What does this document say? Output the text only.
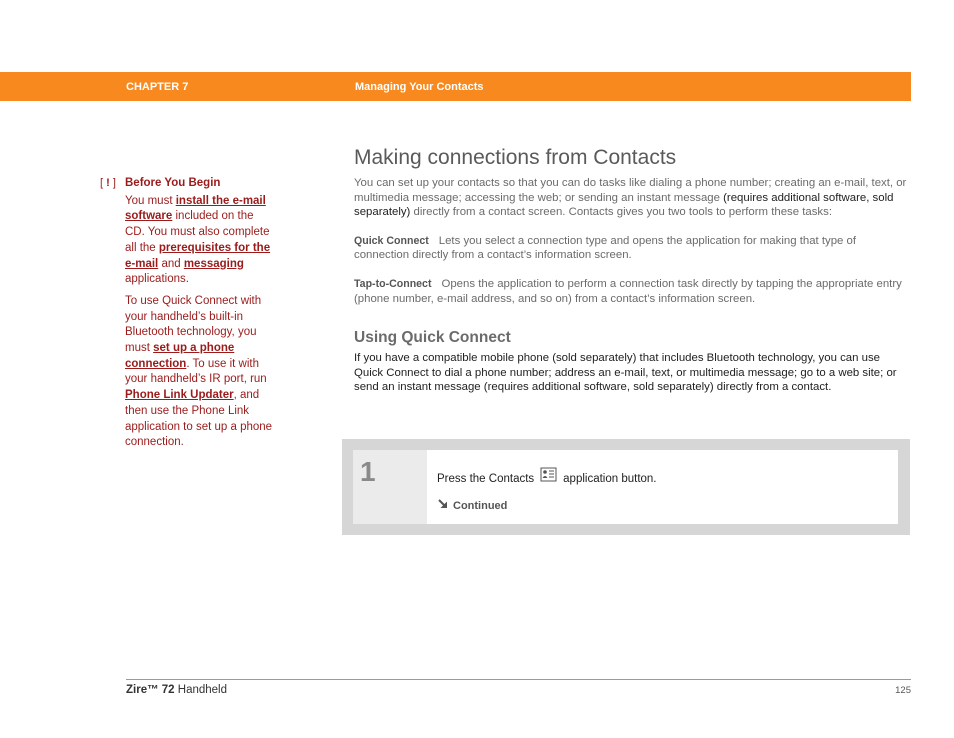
CHAPTER 7	Managing Your Contacts
[ ! ] Before You Begin
You must install the e-mail software included on the CD. You must also complete all the prerequisites for the e-mail and messaging applications.
To use Quick Connect with your handheld’s built-in Bluetooth technology, you must set up a phone connection. To use it with your handheld’s IR port, run Phone Link Updater, and then use the Phone Link application to set up a phone connection.
Making connections from Contacts
You can set up your contacts so that you can do tasks like dialing a phone number; creating an e-mail, text, or multimedia message; accessing the web; or sending an instant message (requires additional software, sold separately) directly from a contact screen. Contacts gives you two tools to perform these tasks:
Quick Connect Lets you select a connection type and opens the application for making that type of connection directly from a contact’s information screen.
Tap-to-Connect Opens the application to perform a connection task directly by tapping the appropriate entry (phone number, e-mail address, and so on) from a contact’s information screen.
Using Quick Connect
If you have a compatible mobile phone (sold separately) that includes Bluetooth technology, you can use Quick Connect to dial a phone number; address an e-mail, text, or multimedia message; go to a web site; or send an instant message (requires additional software, sold separately) directly from a contact.
1	Press the Contacts	application button.
Continued
Zire™ 72 Handheld	125
